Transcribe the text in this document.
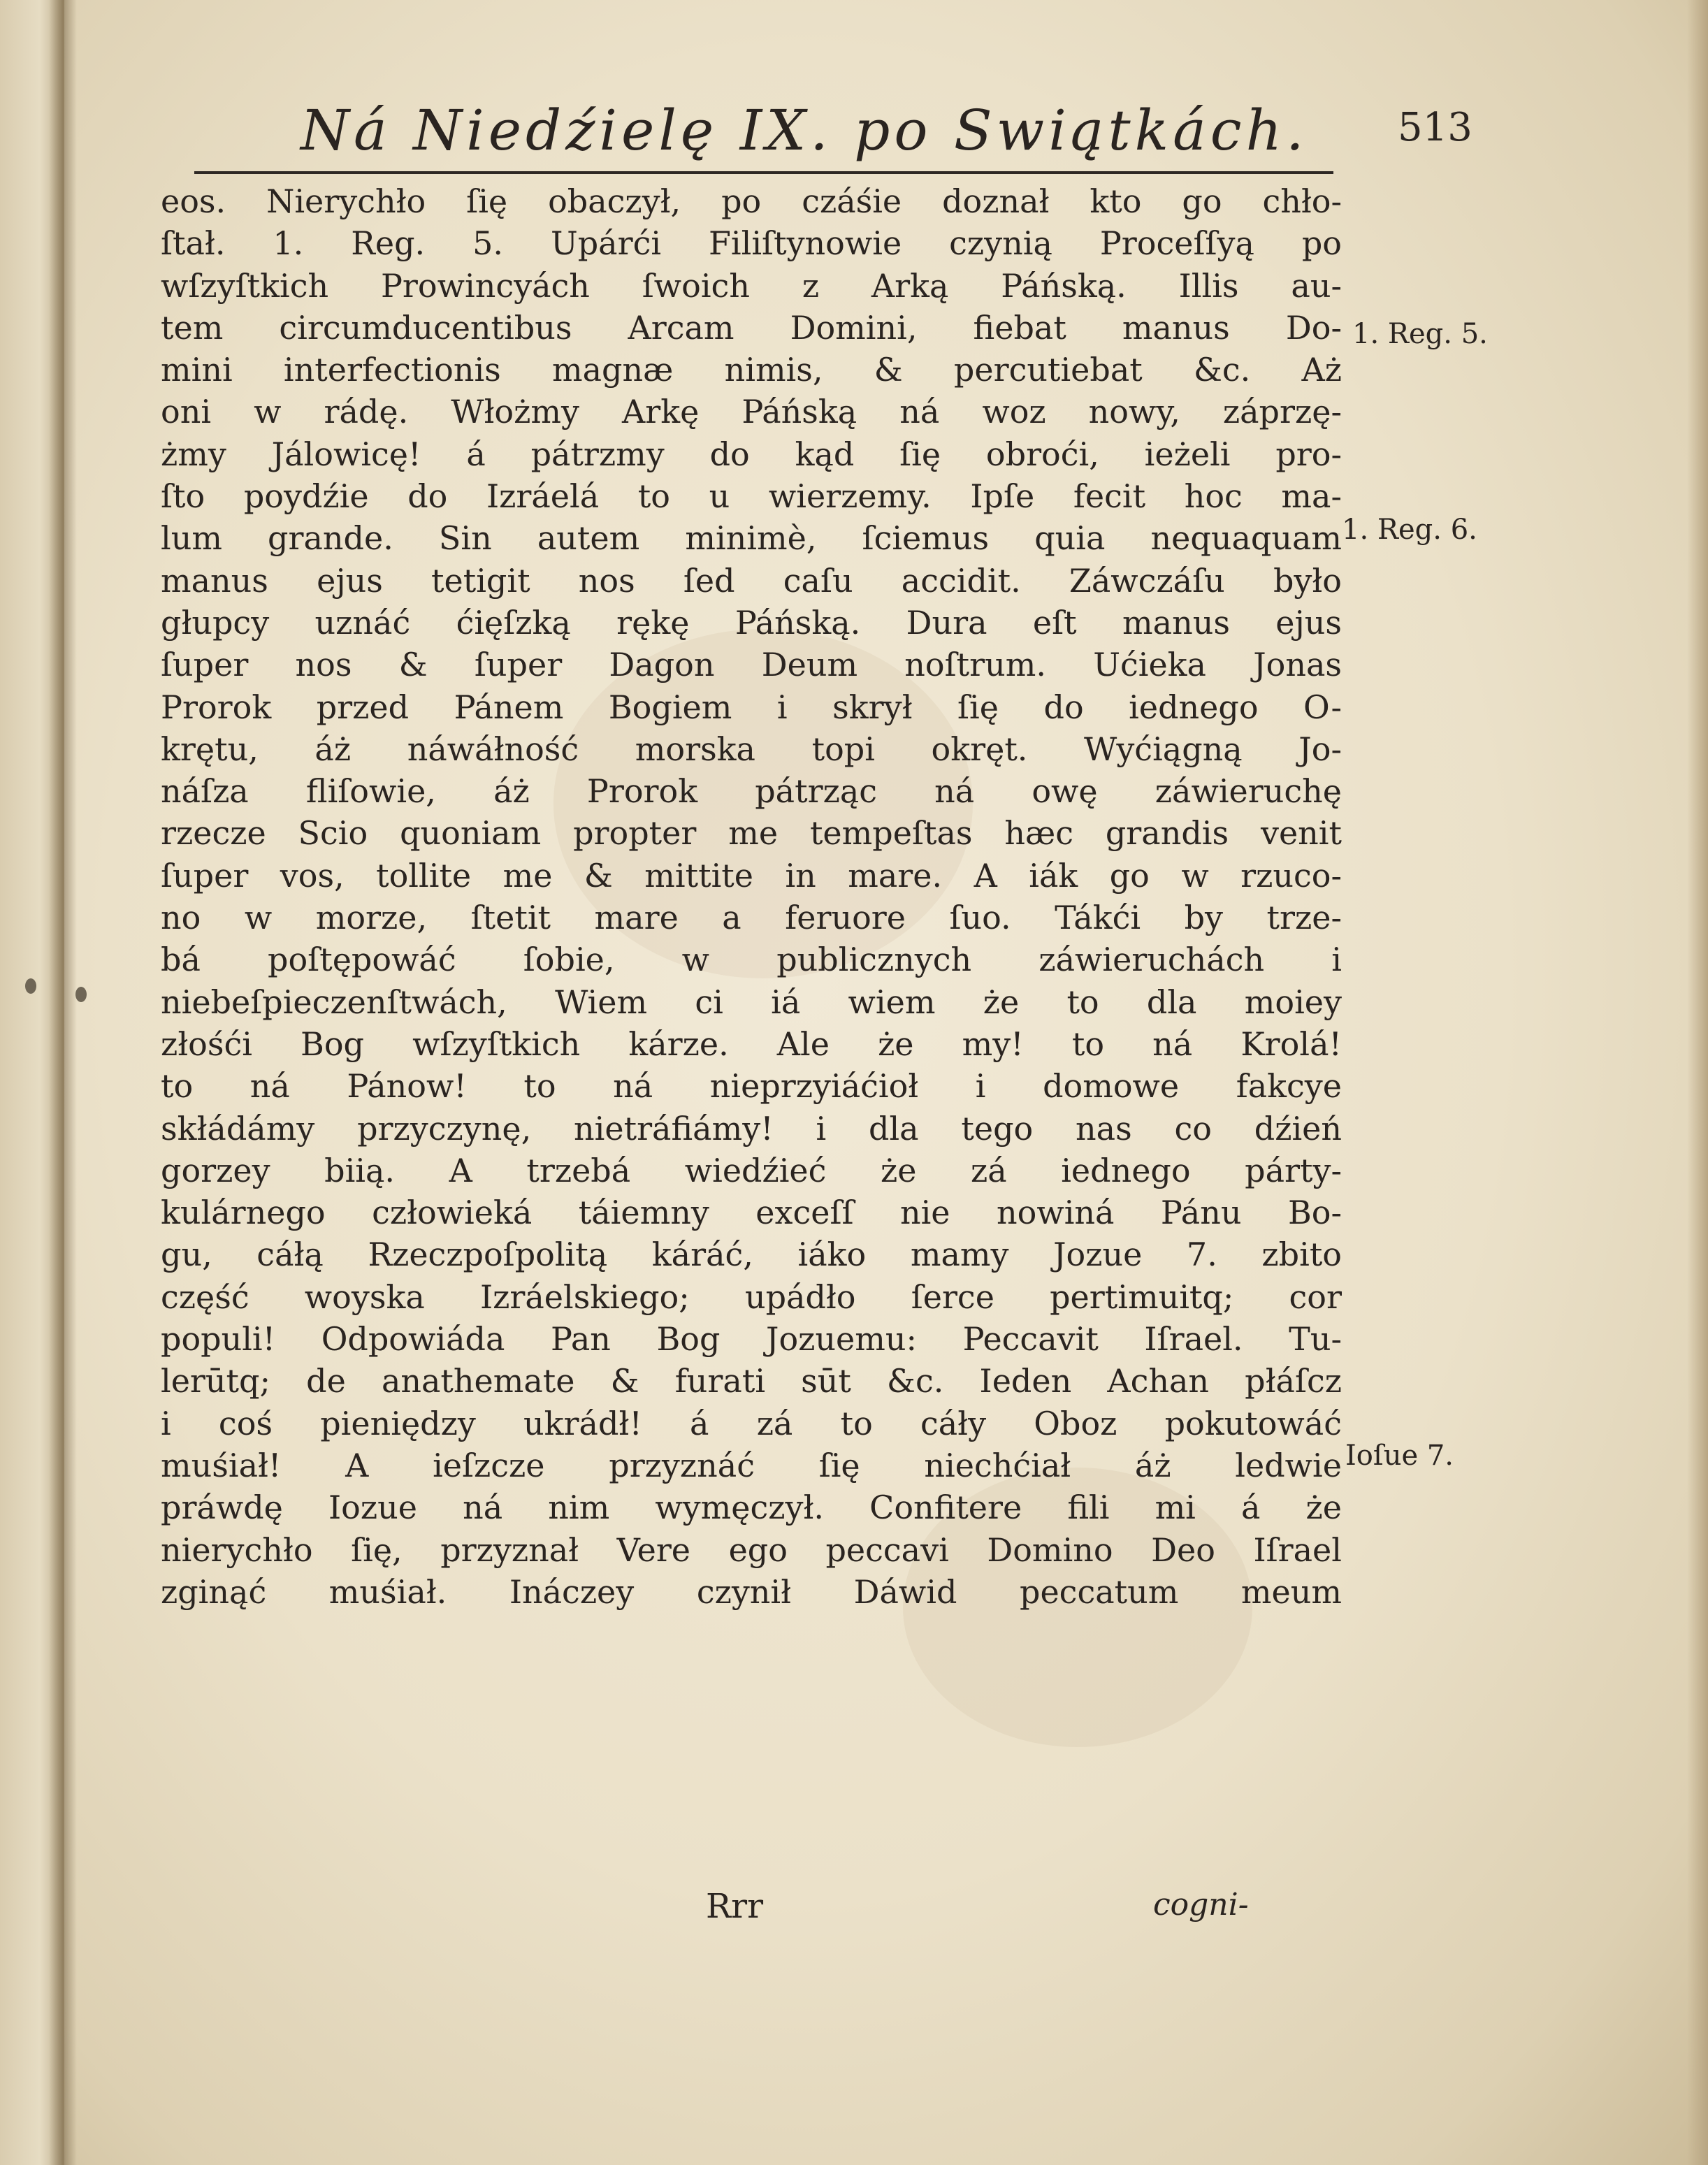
Ná Niedźielę IX. po Swiątkách. 513
eos. Nierychło ſię obaczył, po czáśie doznał kto go chło-
ſtał. 1. Reg. 5. Upárći Filiſtynowie czynią Proceſſyą po
wſzyſtkich Prowincyách ſwoich z Arką Páńską. Illis au-
tem circumducentibus Arcam Domini, fiebat manus Do-
mini interfectionis magnæ nimis, & percutiebat &c. Aż
oni w rádę. Włożmy Arkę Páńską ná woz nowy, záprzę-
żmy Jálowicę! á pátrzmy do kąd ſię obroći, ieżeli pro-
ſto poydźie do Izráelá to u wierzemy. Ipſe fecit hoc ma-
lum grande. Sin autem minimè, ſciemus quia nequaquam
manus ejus tetigit nos ſed caſu accidit. Záwczáſu było
głupcy uznáć ćięſzką rękę Páńską. Dura eſt manus ejus
ſuper nos & ſuper Dagon Deum noſtrum. Ućieka Jonas
Prorok przed Pánem Bogiem i skrył ſię do iednego O-
krętu, áż náwáłność morska topi okręt. Wyćiągną Jo-
náſza fliſowie, áż Prorok pátrząc ná owę záwieruchę
rzecze Scio quoniam propter me tempeſtas hæc grandis venit
ſuper vos, tollite me & mittite in mare. A iák go w rzuco-
no w morze, ſtetit mare a feruore ſuo. Tákći by trze-
bá poſtępowáć ſobie, w publicznych záwieruchách i
niebeſpieczenſtwách, Wiem ci iá wiem że to dla moiey
złośći Bog wſzyſtkich kárze. Ale że my! to ná Krolá!
to ná Pánow! to ná nieprzyiáćioł i domowe fakcye
skłádámy przyczynę, nietráfiámy! i dla tego nas co dźień
gorzey biią. A trzebá wiedźieć że zá iednego párty-
kulárnego człowieká táiemny exceſſ nie nowiná Pánu Bo-
gu, cáłą Rzeczpoſpolitą káráć, iáko mamy Jozue 7. zbito
część woyska Izráelskiego; upádło ſerce pertimuitq; cor
populi! Odpowiáda Pan Bog Jozuemu: Peccavit Iſrael. Tu-
lerūtq; de anathemate & furati sūt &c. Ieden Achan płáſcz
i coś pieniędzy ukrádł! á zá to cáły Oboz pokutowáć
muśiał! A ieſzcze przyznáć ſię niechćiał áż ledwie
práwdę Iozue ná nim wymęczył. Confitere fili mi á że
nierychło ſię, przyznał Vere ego peccavi Domino Deo Iſrael
zginąć muśiał. Ináczey czynił Dáwid peccatum meum
1. Reg. 5.
1. Reg. 6.
Ioſue 7.
Rrr	cogni-
